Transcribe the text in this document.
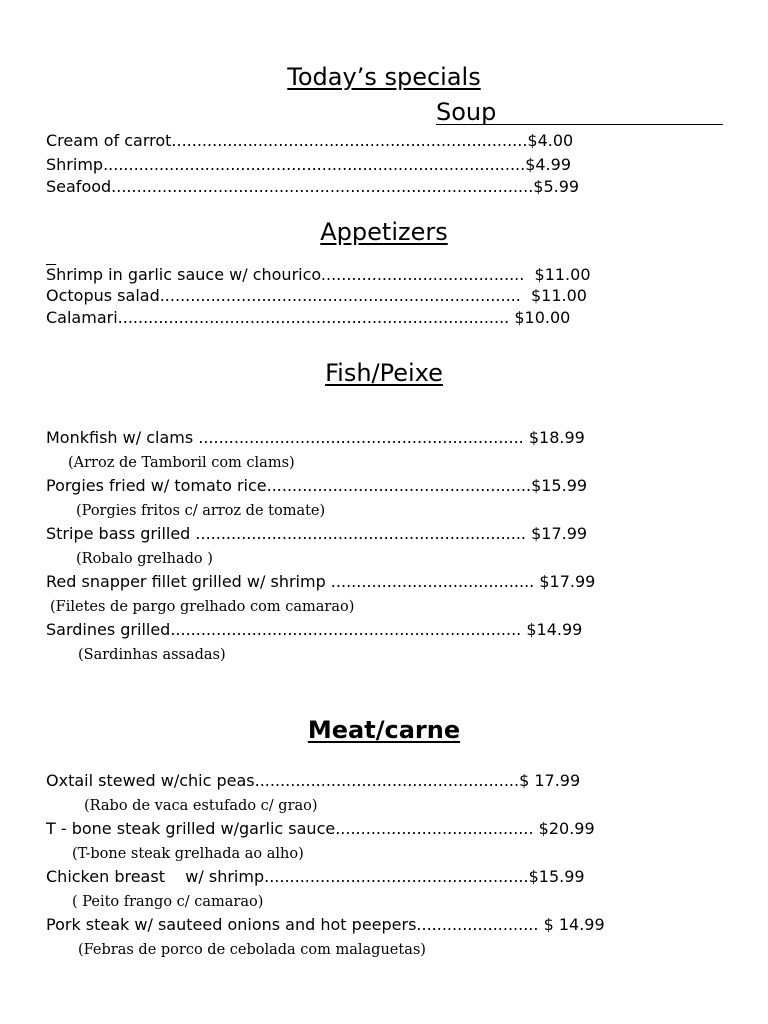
Today’s specials
Soup
Cream of carrot......................................................................$4.00
Shrimp...................................................................................$4.99
Seafood...................................................................................$5.99
Appetizers
$\overline{S}hrimp$ in garlic sauce w/ chourico........................................  $11.00
Octopus salad.......................................................................  $11.00
Calamari............................................................................. $10.00
Fish/Peixe
Monkfish w/ clams ................................................................ $18.99
(Arroz de Tamboril com clams)
Porgies fried w/ tomato rice....................................................$15.99
(Porgies fritos c/ arroz de tomate)
Stripe bass grilled ................................................................. $17.99
(Robalo grelhado )
Red snapper fillet grilled w/ shrimp ........................................ $17.99
(Filetes de pargo grelhado com camarao)
Sardines grilled..................................................................... $14.99
(Sardinhas assadas)
Meat/carne
Oxtail stewed w/chic peas....................................................$ 17.99
(Rabo de vaca estufado c/ grao)
T - bone steak grilled w/garlic sauce....................................... $20.99
(T-bone steak grelhada ao alho)
Chicken breast    w/ shrimp....................................................$15.99
( Peito frango c/ camarao)
Pork steak w/ sauteed onions and hot peepers........................ $ 14.99
(Febras de porco de cebolada com malaguetas)
